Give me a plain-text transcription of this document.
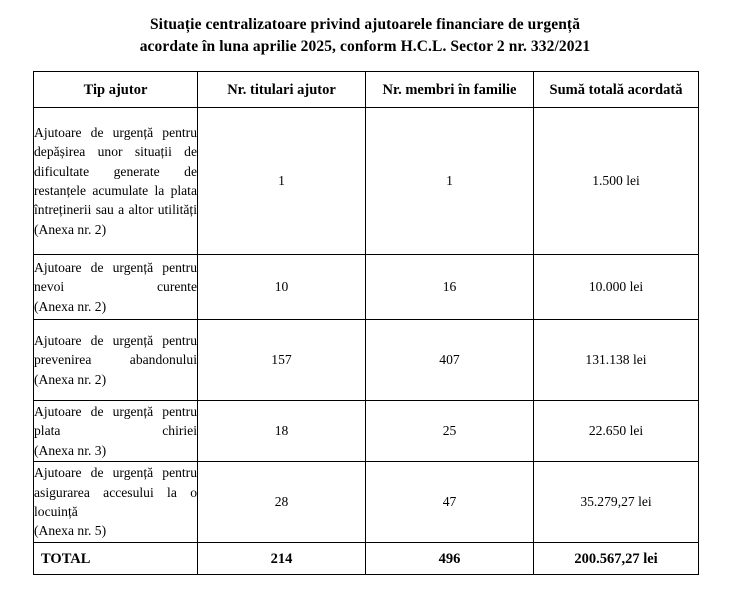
Situație centralizatoare privind ajutoarele financiare de urgență
acordate în luna aprilie 2025, conform H.C.L. Sector 2 nr. 332/2021
Tip ajutor	Nr. titulari ajutor	Nr. membri în familie	Sumă totală acordată

Ajutoare de urgență pentru depășirea unor situații de dificultate generate de restanțele acumulate la plata întreținerii sau a altor utilități
(Anexa nr. 2)	1	1	1.500 lei

Ajutoare de urgență pentru nevoi curente
(Anexa nr. 2)	10	16	10.000 lei

Ajutoare de urgență pentru prevenirea abandonului
(Anexa nr. 2)	157	407	131.138 lei

Ajutoare de urgență pentru plata chiriei
(Anexa nr. 3)	18	25	22.650 lei

Ajutoare de urgență pentru asigurarea accesului la o locuință
(Anexa nr. 5)	28	47	35.279,27 lei
TOTAL	214	496	200.567,27 lei
